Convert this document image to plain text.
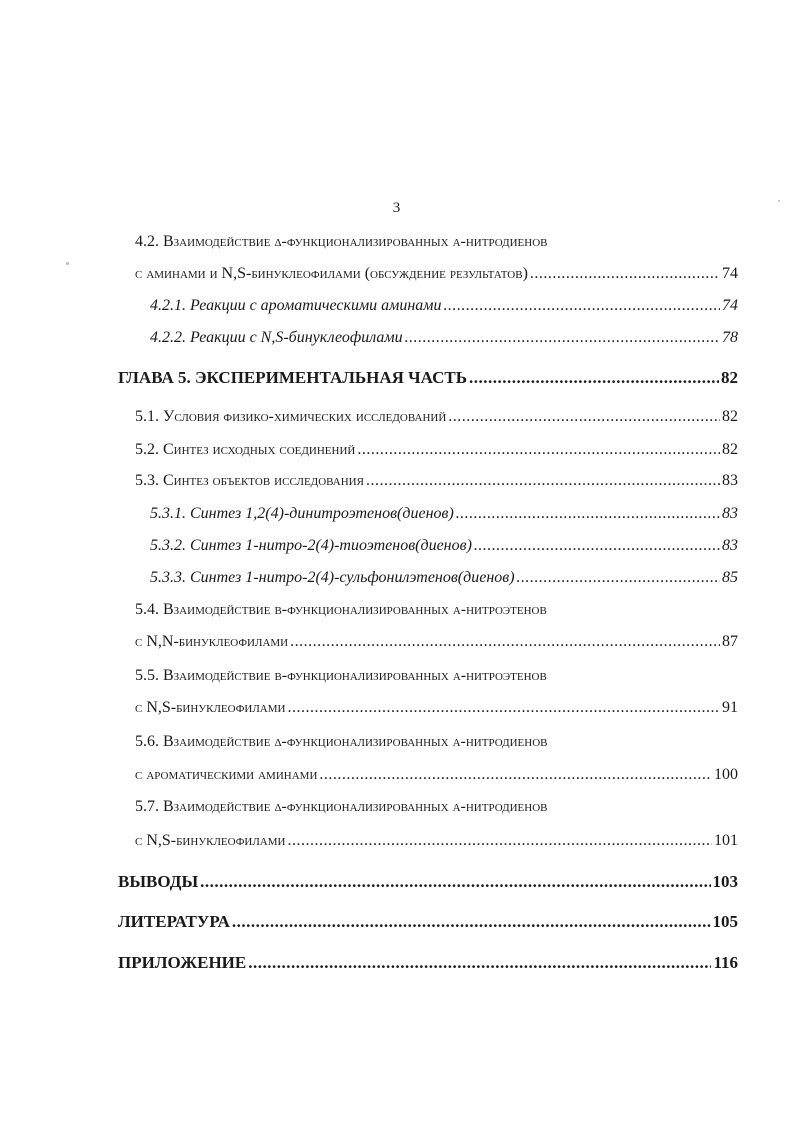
3
4.2. Взаимодействие δ-функционализированных α-нитродиенов
с аминами и N,S-бинуклеофилами (обсуждение результатов) .....	74
4.2.1. Реакции с ароматическими аминами .....	74
4.2.2. Реакции с N,S-бинуклеофилами .....	78
ГЛАВА 5. ЭКСПЕРИМЕНТАЛЬНАЯ ЧАСТЬ .....	82
5.1. Условия физико-химических исследований .....	82
5.2. Синтез исходных соединений .....	82
5.3. Синтез объектов исследования .....	83
5.3.1. Синтез 1,2(4)-динитроэтенов(диенов) .....	83
5.3.2. Синтез 1-нитро-2(4)-тиоэтенов(диенов) .....	83
5.3.3. Синтез 1-нитро-2(4)-сульфонилэтенов(диенов) .....	85
5.4. Взаимодействие β-функционализированных α-нитроэтенов
с N,N-бинуклеофилами .....	87
5.5. Взаимодействие β-функционализированных α-нитроэтенов
с N,S-бинуклеофилами .....	91
5.6. Взаимодействие δ-функционализированных α-нитродиенов
с ароматическими аминами .....	100
5.7. Взаимодействие δ-функционализированных α-нитродиенов
с N,S-бинуклеофилами .....	101
ВЫВОДЫ .....	103
ЛИТЕРАТУРА .....	105
ПРИЛОЖЕНИЕ .....	116
